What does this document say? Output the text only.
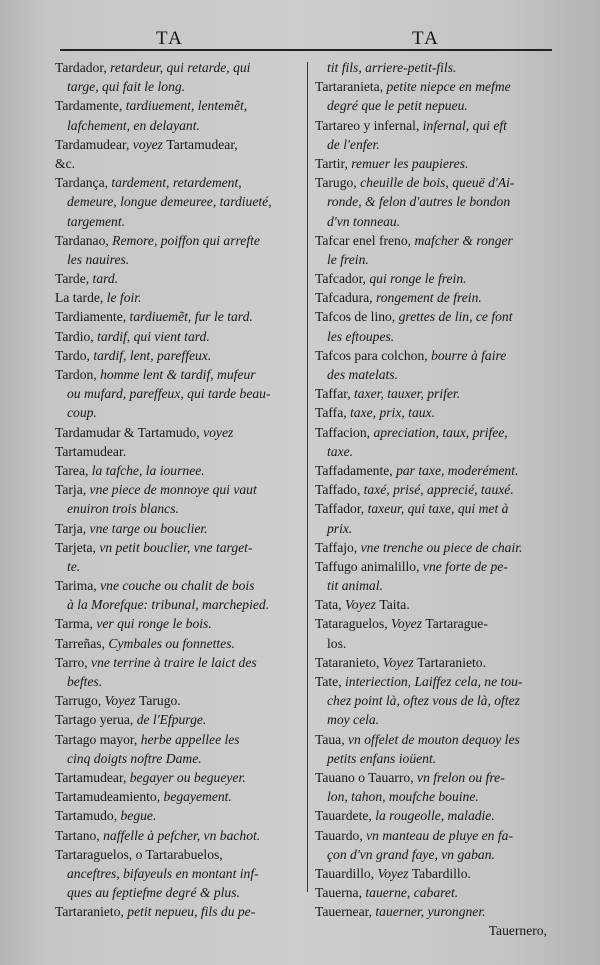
TA	TA
Tardador, retardeur, qui retarde, qui
targe, qui fait le long.
Tardamente, tardiuement, lentemẽt,
lafchement, en delayant.
Tardamudear, voyez Tartamudear,
&c.
Tardança, tardement, retardement,
demeure, longue demeuree, tardiueté,
targement.
Tardanao, Remore, poiffon qui arrefte
les nauires.
Tarde, tard.
La tarde, le foir.
Tardiamente, tardiuemẽt, fur le tard.
Tardio, tardif, qui vient tard.
Tardo, tardif, lent, pareffeux.
Tardon, homme lent & tardif, mufeur
ou mufard, pareffeux, qui tarde beau-
coup.
Tardamudar & Tartamudo, voyez
Tartamudear.
Tarea, la tafche, la iournee.
Tarja, vne piece de monnoye qui vaut
enuiron trois blancs.
Tarja, vne targe ou bouclier.
Tarjeta, vn petit bouclier, vne target-
te.
Tarima, vne couche ou chalit de bois
à la Morefque: tribunal, marchepied.
Tarma, ver qui ronge le bois.
Tarreñas, Cymbales ou fonnettes.
Tarro, vne terrine à traire le laict des
beftes.
Tarrugo, Voyez Tarugo.
Tartago yerua, de l'Efpurge.
Tartago mayor, herbe appellee les
cinq doigts noftre Dame.
Tartamudear, begayer ou begueyer.
Tartamudeamiento, begayement.
Tartamudo, begue.
Tartano, naffelle à pefcher, vn bachot.
Tartaraguelos, o Tartarabuelos,
anceftres, bifayeuls en montant inf-
ques au feptiefme degré & plus.
Tartaranieto, petit nepueu, fils du pe-
tit fils, arriere-petit-fils.
Tartaranieta, petite niepce en mefme
degré que le petit nepueu.
Tartareo y infernal, infernal, qui eft
de l'enfer.
Tartir, remuer les paupieres.
Tarugo, cheuille de bois, queuë d'Ai-
ronde, & felon d'autres le bondon
d'vn tonneau.
Tafcar enel freno, mafcher & ronger
le frein.
Tafcador, qui ronge le frein.
Tafcadura, rongement de frein.
Tafcos de lino, grettes de lin, ce font
les eftoupes.
Tafcos para colchon, bourre à faire
des matelats.
Taffar, taxer, tauxer, prifer.
Taffa, taxe, prix, taux.
Taffacion, apreciation, taux, prifee,
taxe.
Taffadamente, par taxe, moderément.
Taffado, taxé, prisé, apprecié, tauxé.
Taffador, taxeur, qui taxe, qui met à
prix.
Taffajo, vne trenche ou piece de chair.
Taffugo animalillo, vne forte de pe-
tit animal.
Tata, Voyez Taita.
Tataraguelos, Voyez Tartarague-
los.
Tataranieto, Voyez Tartaranieto.
Tate, interiection, Laiffez cela, ne tou-
chez point là, oftez vous de là, oftez
moy cela.
Taua, vn offelet de mouton dequoy les
petits enfans ioüent.
Tauano o Tauarro, vn frelon ou fre-
lon, tahon, moufche bouine.
Tauardete, la rougeolle, maladie.
Tauardo, vn manteau de pluye en fa-
çon d'vn grand faye, vn gaban.
Tauardillo, Voyez Tabardillo.
Tauerna, tauerne, cabaret.
Tauernear, tauerner, yurongner.
Tauernero,
